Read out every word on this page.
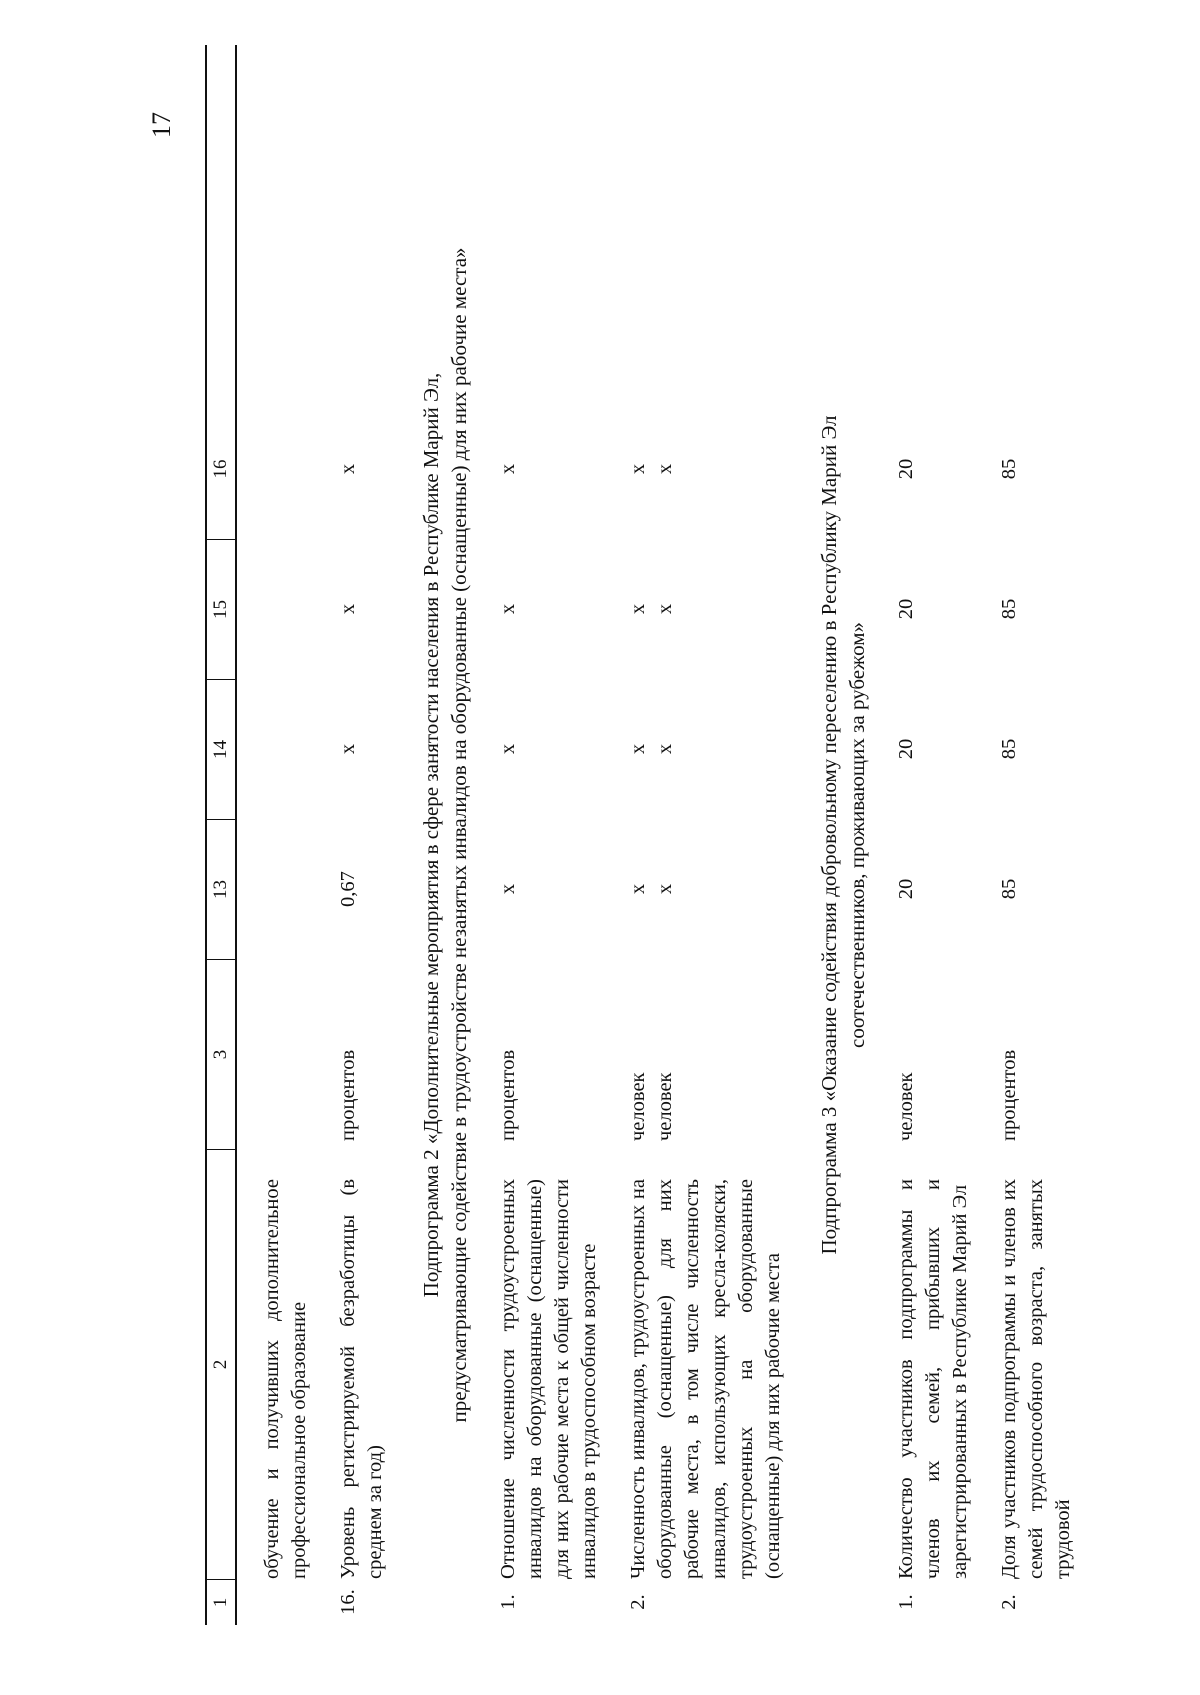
17
1
2
3
13
14
15
16
обучение и получивших дополнительное профессиональное образование
16.
Уровень регистрируемой безработицы (в среднем за год)
процентов
0,67
x
x
x	Подпрограмма 2 «Дополнительные мероприятия в сфере занятости населения в Республике Марий Эл, предусматривающие содействие в трудоустройстве незанятых инвалидов на оборудованные (оснащенные) для них рабочие места»
1.
Отношение численности трудоустроенных инвалидов на оборудованные (оснащенные) для них рабочие места к общей численности инвалидов в трудоспособном возрасте
процентов
x
x
x
x
2.
Численность инвалидов, трудоустроенных на оборудованные (оснащенные) для них рабочие места, в том числе численность инвалидов, использующих кресла-коляски, трудоустроенных на оборудованные (оснащенные) для них рабочие места
человек человек
x x
x x
x x
x x	Подпрограмма 3 «Оказание содействия добровольному переселению в Республику Марий Эл соотечественников, проживающих за рубежом»
1.
Количество участников подпрограммы и членов их семей, прибывших и зарегистрированных в Республике Марий Эл
человек
20
20
20
20
2.
Доля участников подпрограммы и членов их семей трудоспособного возраста, занятых трудовой
процентов
85
85
85
85
